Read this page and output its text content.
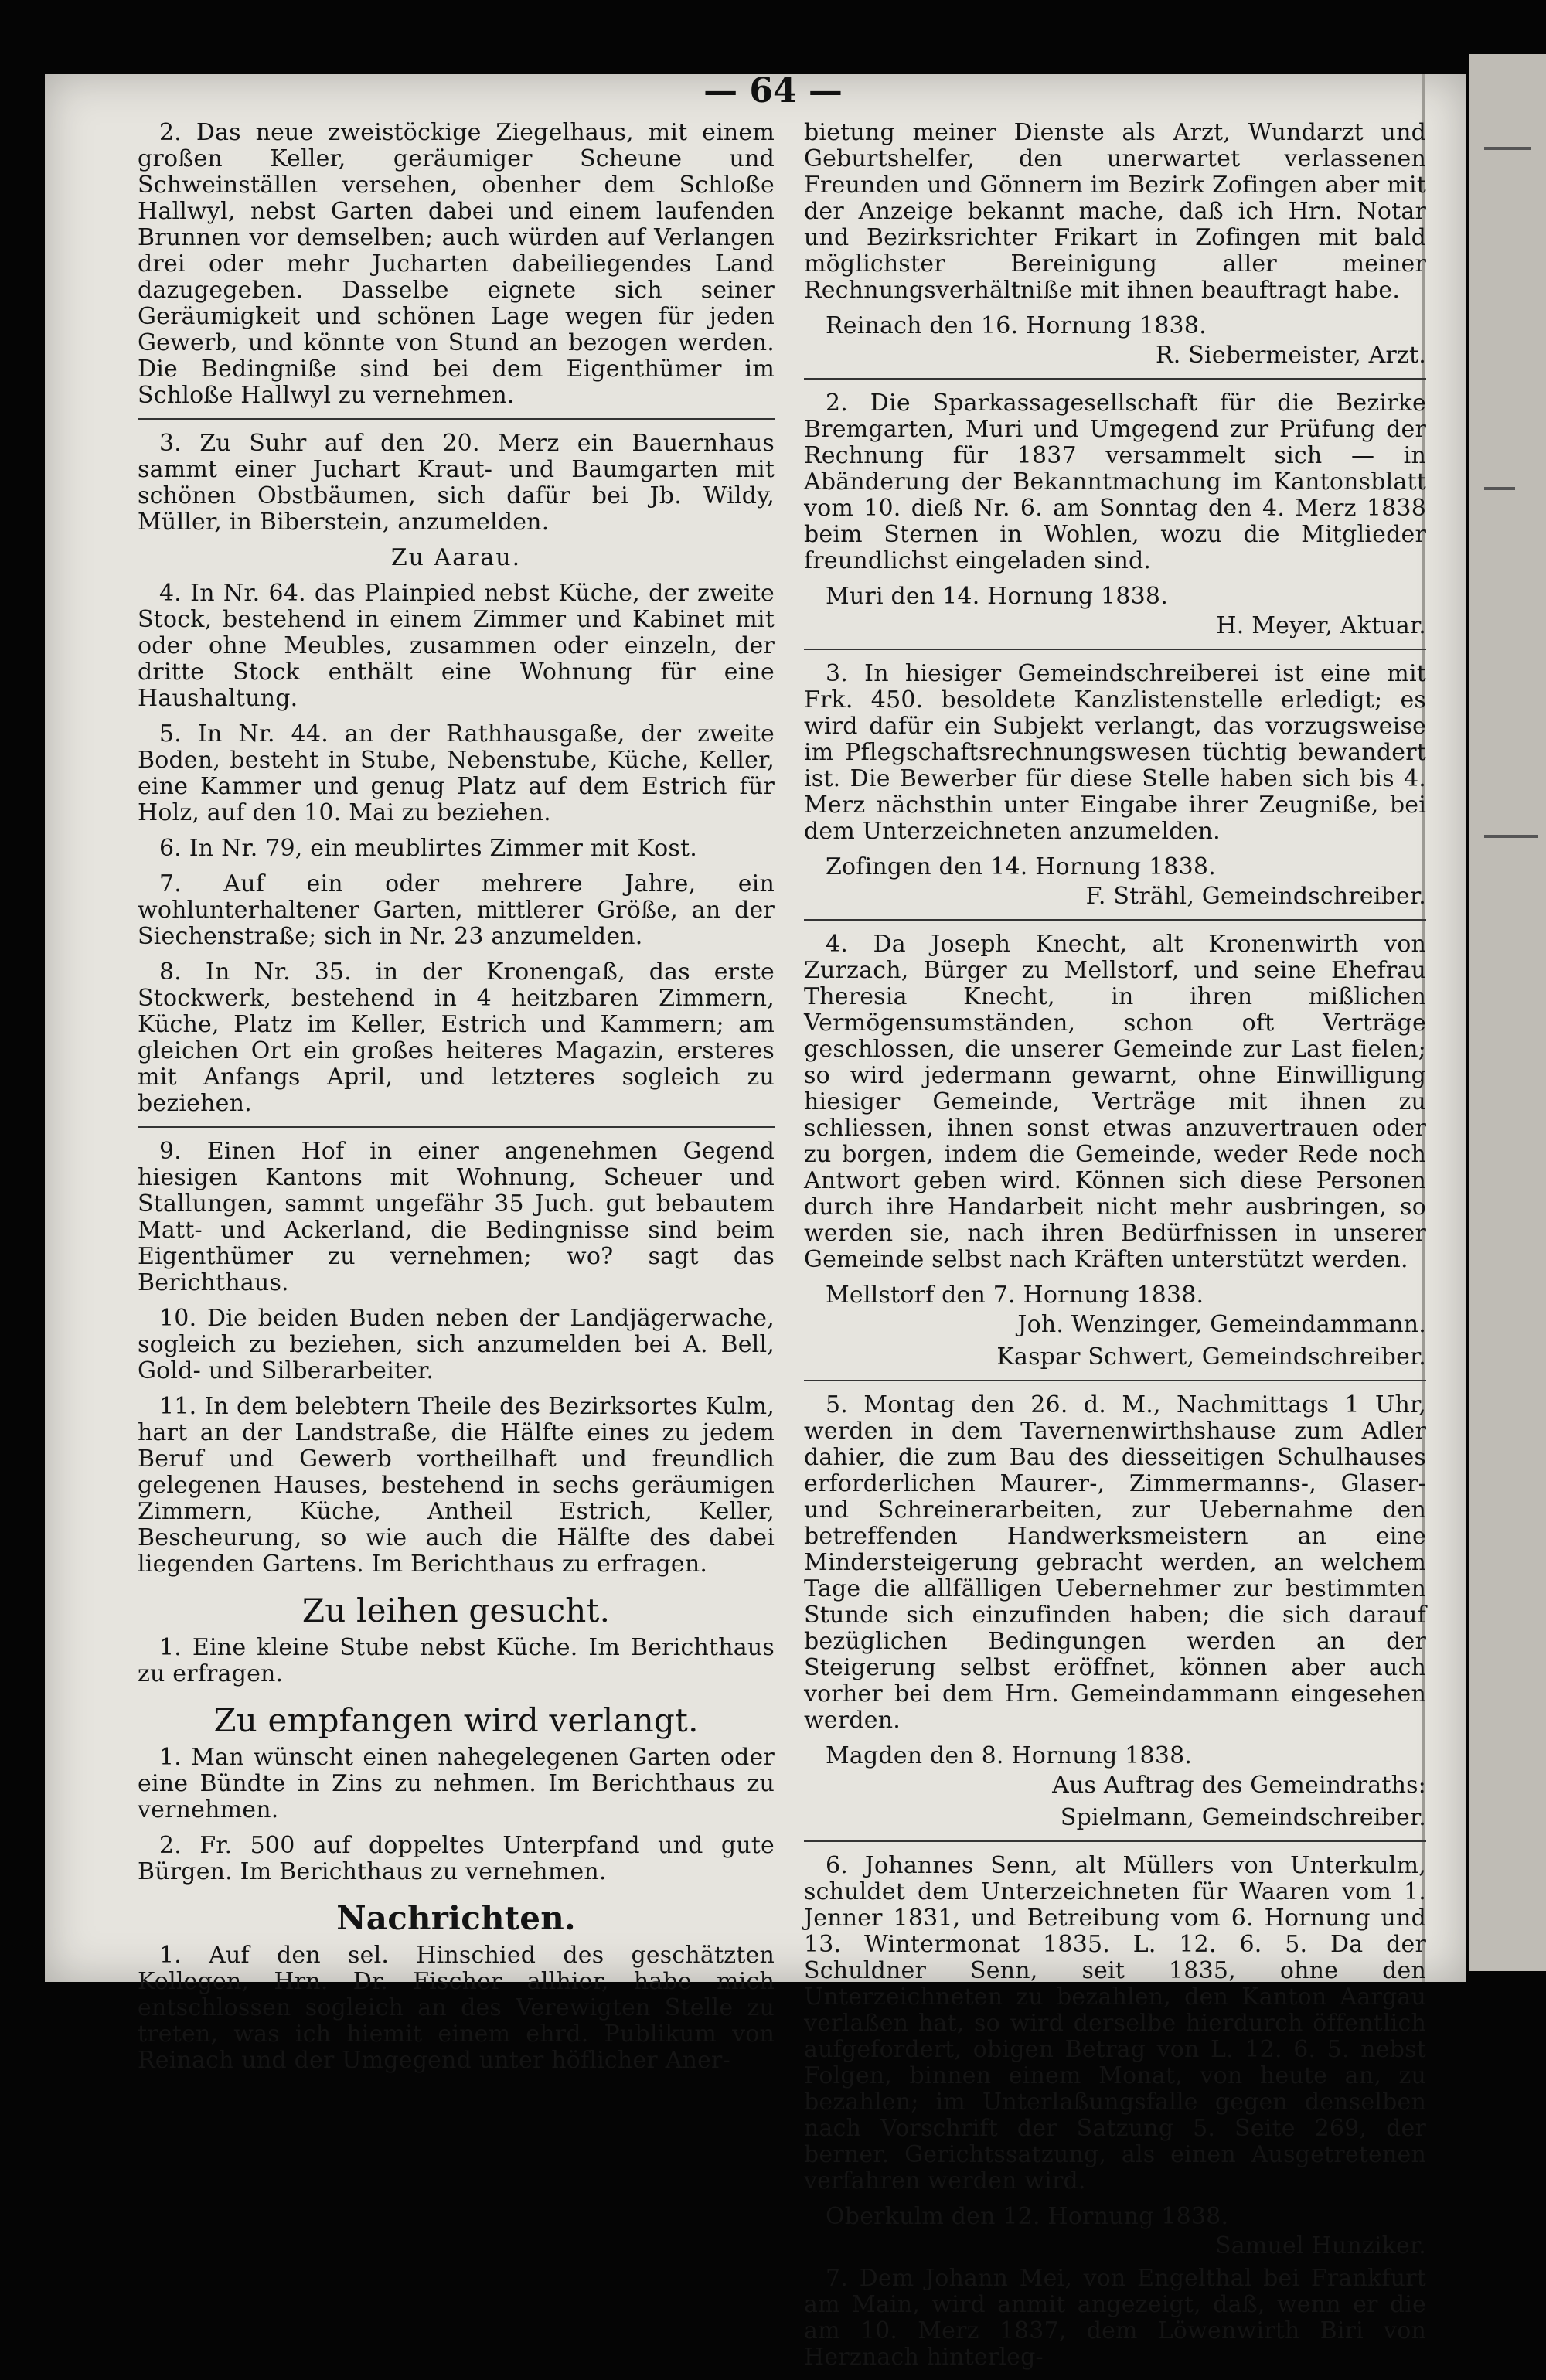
— 64 —

2. Das neue zweistöckige Ziegelhaus, mit einem großen Keller, geräumiger Scheune und Schweinställen versehen, obenher dem Schloße Hallwyl, nebst Garten dabei und einem laufenden Brunnen vor demselben; auch würden auf Verlangen drei oder mehr Jucharten dabeiliegendes Land dazugegeben. Dasselbe eignete sich seiner Geräumigkeit und schönen Lage wegen für jeden Gewerb, und könnte von Stund an bezogen werden. Die Bedingniße sind bei dem Eigenthümer im Schloße Hallwyl zu vernehmen.

3. Zu Suhr auf den 20. Merz ein Bauernhaus sammt einer Juchart Kraut- und Baumgarten mit schönen Obstbäumen, sich dafür bei Jb. Wildy, Müller, in Biberstein, anzumelden.

Zu Aarau.

4. In Nr. 64. das Plainpied nebst Küche, der zweite Stock, bestehend in einem Zimmer und Kabinet mit oder ohne Meubles, zusammen oder einzeln, der dritte Stock enthält eine Wohnung für eine Haushaltung.

5. In Nr. 44. an der Rathhausgaße, der zweite Boden, besteht in Stube, Nebenstube, Küche, Keller, eine Kammer und genug Platz auf dem Estrich für Holz, auf den 10. Mai zu beziehen.

6. In Nr. 79, ein meublirtes Zimmer mit Kost.

7. Auf ein oder mehrere Jahre, ein wohlunterhaltener Garten, mittlerer Größe, an der Siechenstraße; sich in Nr. 23 anzumelden.

8. In Nr. 35. in der Kronengaß, das erste Stockwerk, bestehend in 4 heitzbaren Zimmern, Küche, Platz im Keller, Estrich und Kammern; am gleichen Ort ein großes heiteres Magazin, ersteres mit Anfangs April, und letzteres sogleich zu beziehen.

9. Einen Hof in einer angenehmen Gegend hiesigen Kantons mit Wohnung, Scheuer und Stallungen, sammt ungefähr 35 Juch. gut bebautem Matt- und Ackerland, die Bedingnisse sind beim Eigenthümer zu vernehmen; wo? sagt das Berichthaus.

10. Die beiden Buden neben der Landjägerwache, sogleich zu beziehen, sich anzumelden bei A. Bell, Gold- und Silberarbeiter.

11. In dem belebtern Theile des Bezirksortes Kulm, hart an der Landstraße, die Hälfte eines zu jedem Beruf und Gewerb vortheilhaft und freundlich gelegenen Hauses, bestehend in sechs geräumigen Zimmern, Küche, Antheil Estrich, Keller, Bescheurung, so wie auch die Hälfte des dabei liegenden Gartens. Im Berichthaus zu erfragen.

Zu leihen gesucht.

1. Eine kleine Stube nebst Küche. Im Berichthaus zu erfragen.

Zu empfangen wird verlangt.

1. Man wünscht einen nahegelegenen Garten oder eine Bündte in Zins zu nehmen. Im Berichthaus zu vernehmen.

2. Fr. 500 auf doppeltes Unterpfand und gute Bürgen. Im Berichthaus zu vernehmen.

Nachrichten.

1. Auf den sel. Hinschied des geschätzten Kollegen, Hrn. Dr. Fischer allhier, habe mich entschlossen sogleich an des Verewigten Stelle zu treten, was ich hiemit einem ehrd. Publikum von Reinach und der Umgegend unter höflicher Aner-

bietung meiner Dienste als Arzt, Wundarzt und Geburtshelfer, den unerwartet verlassenen Freunden und Gönnern im Bezirk Zofingen aber mit der Anzeige bekannt mache, daß ich Hrn. Notar und Bezirksrichter Frikart in Zofingen mit bald möglichster Bereinigung aller meiner Rechnungsverhältniße mit ihnen beauftragt habe.

Reinach den 16. Hornung 1838.
R. Siebermeister, Arzt.

2. Die Sparkassagesellschaft für die Bezirke Bremgarten, Muri und Umgegend zur Prüfung der Rechnung für 1837 versammelt sich — in Abänderung der Bekanntmachung im Kantonsblatt vom 10. dieß Nr. 6. am Sonntag den 4. Merz 1838 beim Sternen in Wohlen, wozu die Mitglieder freundlichst eingeladen sind.

Muri den 14. Hornung 1838.
H. Meyer, Aktuar.

3. In hiesiger Gemeindschreiberei ist eine mit Frk. 450. besoldete Kanzlistenstelle erledigt; es wird dafür ein Subjekt verlangt, das vorzugsweise im Pflegschaftsrechnungswesen tüchtig bewandert ist. Die Bewerber für diese Stelle haben sich bis 4. Merz nächsthin unter Eingabe ihrer Zeugniße, bei dem Unterzeichneten anzumelden.

Zofingen den 14. Hornung 1838.
F. Strähl, Gemeindschreiber.

4. Da Joseph Knecht, alt Kronenwirth von Zurzach, Bürger zu Mellstorf, und seine Ehefrau Theresia Knecht, in ihren mißlichen Vermögensumständen, schon oft Verträge geschlossen, die unserer Gemeinde zur Last fielen; so wird jedermann gewarnt, ohne Einwilligung hiesiger Gemeinde, Verträge mit ihnen zu schliessen, ihnen sonst etwas anzuvertrauen oder zu borgen, indem die Gemeinde, weder Rede noch Antwort geben wird. Können sich diese Personen durch ihre Handarbeit nicht mehr ausbringen, so werden sie, nach ihren Bedürfnissen in unserer Gemeinde selbst nach Kräften unterstützt werden.

Mellstorf den 7. Hornung 1838.
Joh. Wenzinger, Gemeindammann.
Kaspar Schwert, Gemeindschreiber.

5. Montag den 26. d. M., Nachmittags 1 Uhr, werden in dem Tavernenwirthshause zum Adler dahier, die zum Bau des diesseitigen Schulhauses erforderlichen Maurer-, Zimmermanns-, Glaser- und Schreinerarbeiten, zur Uebernahme den betreffenden Handwerksmeistern an eine Mindersteigerung gebracht werden, an welchem Tage die allfälligen Uebernehmer zur bestimmten Stunde sich einzufinden haben; die sich darauf bezüglichen Bedingungen werden an der Steigerung selbst eröffnet, können aber auch vorher bei dem Hrn. Gemeindammann eingesehen werden.

Magden den 8. Hornung 1838.
Aus Auftrag des Gemeindraths:
Spielmann, Gemeindschreiber.

6. Johannes Senn, alt Müllers von Unterkulm, schuldet dem Unterzeichneten für Waaren vom 1. Jenner 1831, und Betreibung vom 6. Hornung und 13. Wintermonat 1835. L. 12. 6. 5. Da der Schuldner Senn, seit 1835, ohne den Unterzeichneten zu bezahlen, den Kanton Aargau verlaßen hat, so wird derselbe hierdurch öffentlich aufgefordert, obigen Betrag von L. 12. 6. 5. nebst Folgen, binnen einem Monat, von heute an, zu bezahlen; im Unterlaßungsfalle gegen denselben nach Vorschrift der Satzung 5. Seite 269, der berner. Gerichtssatzung, als einen Ausgetretenen verfahren werden wird.

Oberkulm den 12. Hornung 1838.
Samuel Hunziker.

7. Dem Johann Mei, von Engelthal bei Frankfurt am Main, wird anmit angezeigt, daß, wenn er die am 10. Merz 1837, dem Löwenwirth Biri von Herznach hinterleg-
